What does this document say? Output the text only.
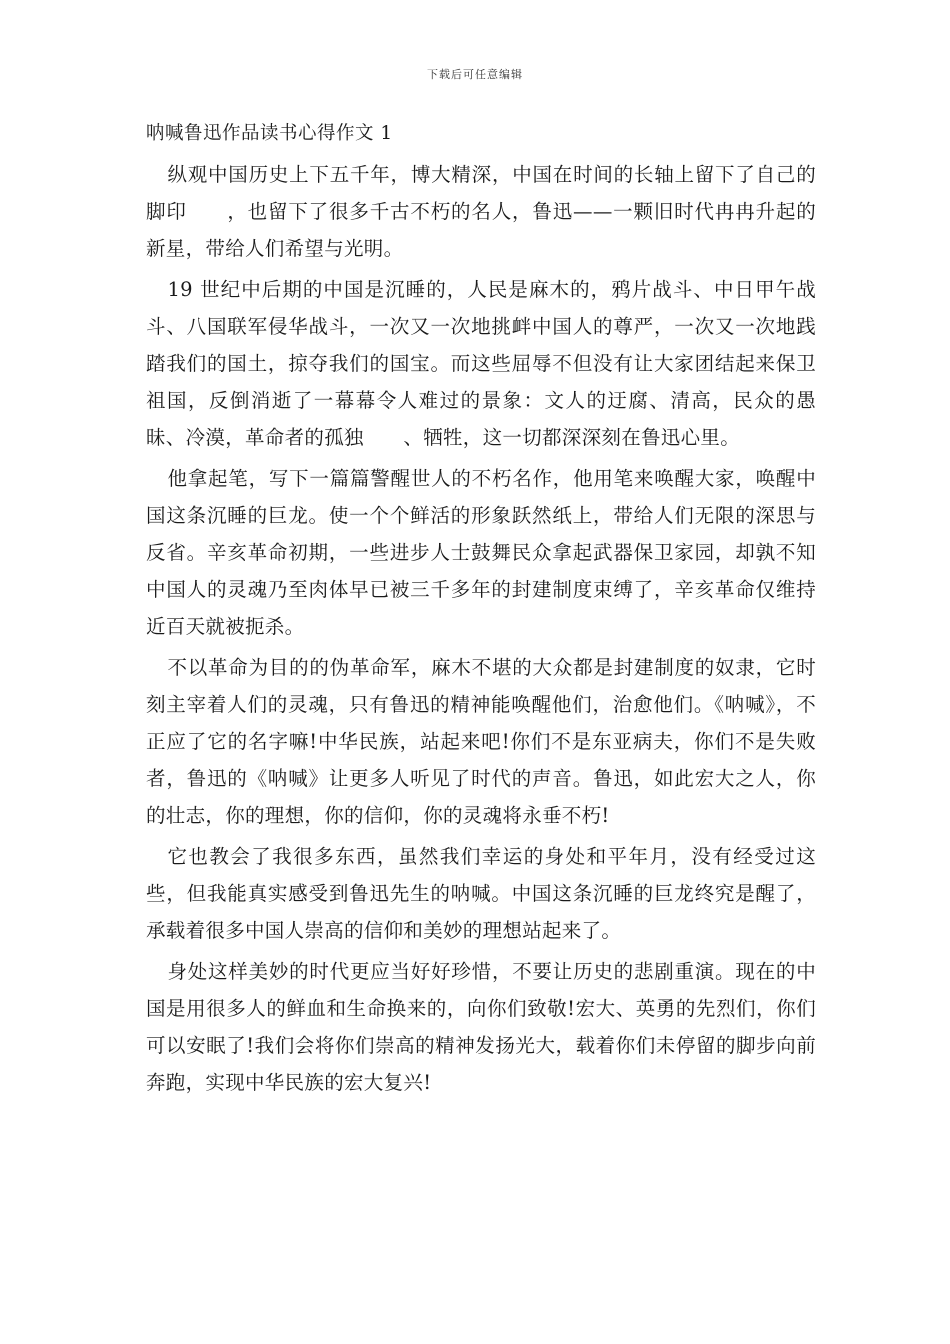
下载后可任意编辑
呐喊鲁迅作品读书心得作文 1

纵观中国历史上下五千年，博大精深，中国在时间的长轴上留下了自己的脚印　　，也留下了很多千古不朽的名人，鲁迅——一颗旧时代冉冉升起的新星，带给人们希望与光明。

19 世纪中后期的中国是沉睡的，人民是麻木的，鸦片战斗、中日甲午战斗、八国联军侵华战斗，一次又一次地挑衅中国人的尊严，一次又一次地践踏我们的国土，掠夺我们的国宝。而这些屈辱不但没有让大家团结起来保卫祖国，反倒消逝了一幕幕令人难过的景象：文人的迂腐、清高，民众的愚昧、冷漠，革命者的孤独　　、牺牲，这一切都深深刻在鲁迅心里。

他拿起笔，写下一篇篇警醒世人的不朽名作，他用笔来唤醒大家，唤醒中国这条沉睡的巨龙。使一个个鲜活的形象跃然纸上，带给人们无限的深思与反省。辛亥革命初期，一些进步人士鼓舞民众拿起武器保卫家园，却孰不知中国人的灵魂乃至肉体早已被三千多年的封建制度束缚了，辛亥革命仅维持近百天就被扼杀。

不以革命为目的的伪革命军，麻木不堪的大众都是封建制度的奴隶，它时刻主宰着人们的灵魂，只有鲁迅的精神能唤醒他们，治愈他们。《呐喊》，不正应了它的名字嘛!中华民族，站起来吧!你们不是东亚病夫，你们不是失败者，鲁迅的《呐喊》让更多人听见了时代的声音。鲁迅，如此宏大之人，你的壮志，你的理想，你的信仰，你的灵魂将永垂不朽!

它也教会了我很多东西，虽然我们幸运的身处和平年月，没有经受过这些，但我能真实感受到鲁迅先生的呐喊。中国这条沉睡的巨龙终究是醒了，承载着很多中国人崇高的信仰和美妙的理想站起来了。

身处这样美妙的时代更应当好好珍惜，不要让历史的悲剧重演。现在的中国是用很多人的鲜血和生命换来的，向你们致敬!宏大、英勇的先烈们，你们可以安眠了!我们会将你们崇高的精神发扬光大，载着你们未停留的脚步向前奔跑，实现中华民族的宏大复兴!
